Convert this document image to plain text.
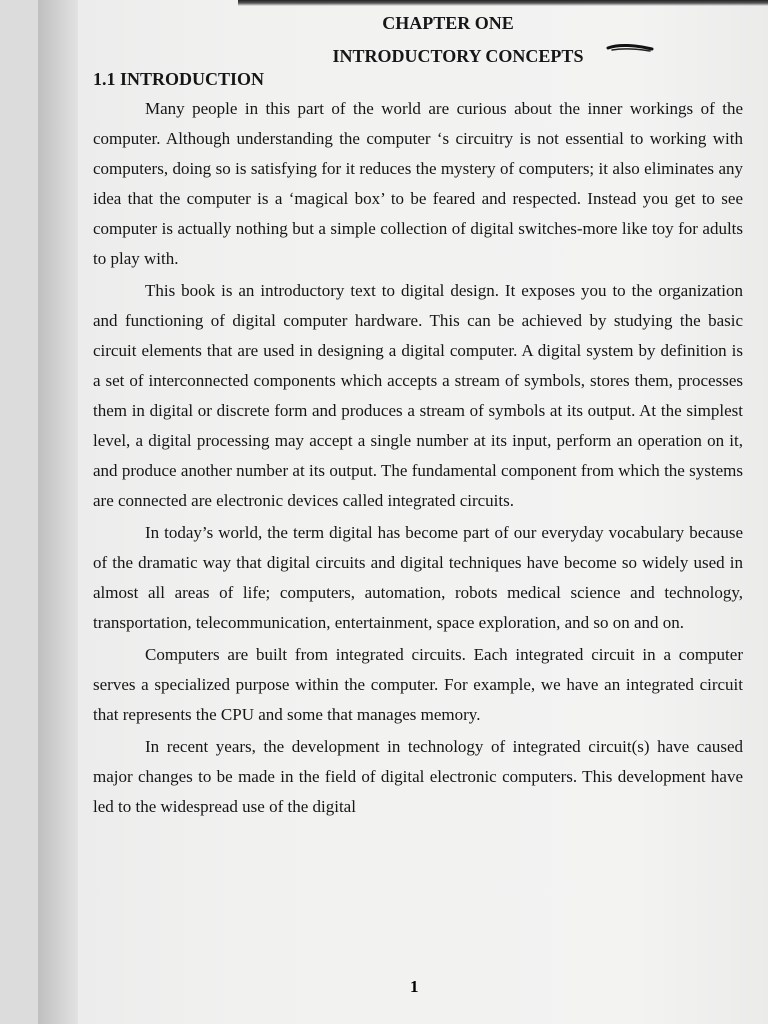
CHAPTER ONE
INTRODUCTORY CONCEPTS
1.1 INTRODUCTION

Many people in this part of the world are curious about the inner workings of the computer. Although understanding the computer ‘s circuitry is not essential to working with computers, doing so is satisfying for it reduces the mystery of computers; it also eliminates any idea that the computer is a ‘magical box’ to be feared and respected. Instead you get to see computer is actually nothing but a simple collection of digital switches-more like toy for adults to play with.

This book is an introductory text to digital design. It exposes you to the organization and functioning of digital computer hardware. This can be achieved by studying the basic circuit elements that are used in designing a digital computer. A digital system by definition is a set of interconnected components which accepts a stream of symbols, stores them, processes them in digital or discrete form and produces a stream of symbols at its output. At the simplest level, a digital processing may accept a single number at its input, perform an operation on it, and produce another number at its output. The fundamental component from which the systems are connected are electronic devices called integrated circuits.

In today’s world, the term digital has become part of our everyday vocabulary because of the dramatic way that digital circuits and digital techniques have become so widely used in almost all areas of life; computers, automation, robots medical science and technology, transportation, telecommunication, entertainment, space exploration, and so on and on.

Computers are built from integrated circuits. Each integrated circuit in a computer serves a specialized purpose within the computer. For example, we have an integrated circuit that represents the CPU and some that manages memory.

In recent years, the development in technology of integrated circuit(s) have caused major changes to be made in the field of digital electronic computers. This development have led to the widespread use of the digital

1
